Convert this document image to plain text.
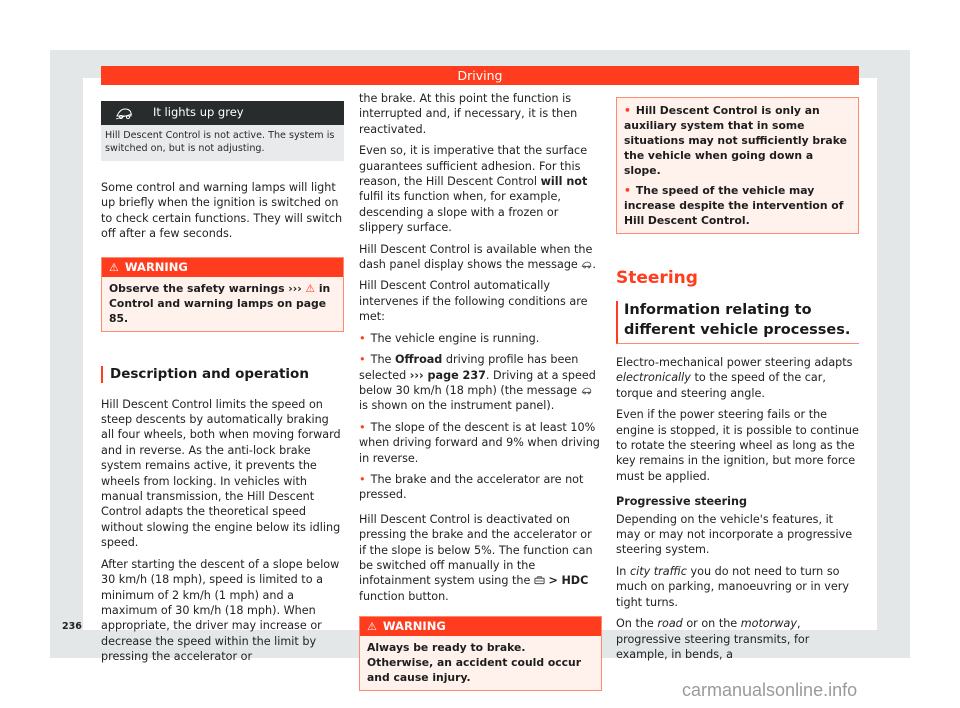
Driving
It lights up grey
Hill Descent Control is not active. The system is switched on, but is not adjusting.

Some control and warning lamps will light up briefly when the ignition is switched on to check certain functions. They will switch off after a few seconds.

⚠ WARNING
Observe the safety warnings ››› ⚠ in Control and warning lamps on page 85.
Description and operation

Hill Descent Control limits the speed on steep descents by automatically braking all four wheels, both when moving forward and in reverse. As the anti-lock brake system remains active, it prevents the wheels from locking. In vehicles with manual transmission, the Hill Descent Control adapts the theoretical speed without slowing the engine below its idling speed.

After starting the descent of a slope below 30 km/h (18 mph), speed is limited to a minimum of 2 km/h (1 mph) and a maximum of 30 km/h (18 mph). When appropriate, the driver may increase or decrease the speed within the limit by pressing the accelerator or

the brake. At this point the function is interrupted and, if necessary, it is then reactivated.

Even so, it is imperative that the surface guarantees sufficient adhesion. For this reason, the Hill Descent Control will not fulfil its function when, for example, descending a slope with a frozen or slippery surface.

Hill Descent Control is available when the dash panel display shows the message .

Hill Descent Control automatically intervenes if the following conditions are met:

• The vehicle engine is running.

• The Offroad driving profile has been selected ››› page 237. Driving at a speed below 30 km/h (18 mph) (the message  is shown on the instrument panel).

• The slope of the descent is at least 10% when driving forward and 9% when driving in reverse.

• The brake and the accelerator are not pressed.

Hill Descent Control is deactivated on pressing the brake and the accelerator or if the slope is below 5%. The function can be switched off manually in the infotainment system using the  > HDC function button.

⚠ WARNING
Always be ready to brake. Otherwise, an accident could occur and cause injury.

• Hill Descent Control is only an auxiliary system that in some situations may not sufficiently brake the vehicle when going down a slope.

• The speed of the vehicle may increase despite the intervention of Hill Descent Control.

Steering
Information relating to different vehicle processes.

Electro-mechanical power steering adapts electronically to the speed of the car, torque and steering angle.

Even if the power steering fails or the engine is stopped, it is possible to continue to rotate the steering wheel as long as the key remains in the ignition, but more force must be applied.

Progressive steering

Depending on the vehicle's features, it may or may not incorporate a progressive steering system.

In city traffic you do not need to turn so much on parking, manoeuvring or in very tight turns.

On the road or on the motorway, progressive steering transmits, for example, in bends, a

236
carmanualsonline.info
